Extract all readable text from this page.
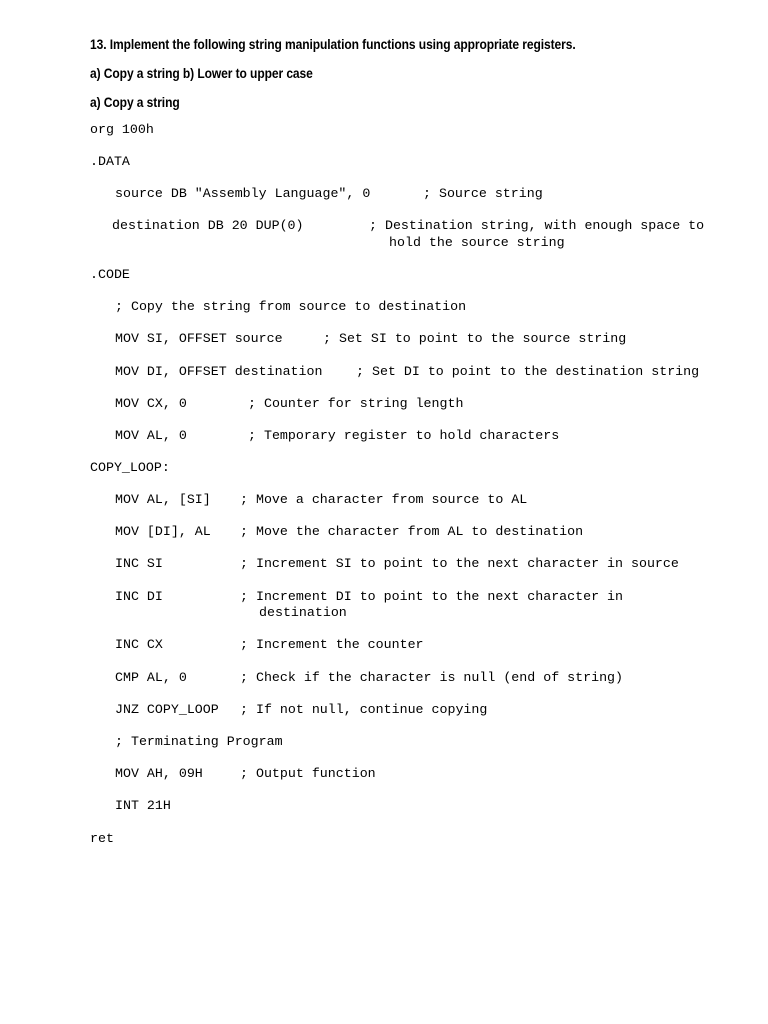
13. Implement the following string manipulation functions using appropriate registers.
a) Copy a string b) Lower to upper case
a) Copy a string
org 100h
.DATA
source DB "Assembly Language", 0	; Source string
destination DB 20 DUP(0)	; Destination string, with enough space to
hold the source string
.CODE
; Copy the string from source to destination
MOV SI, OFFSET source	; Set SI to point to the source string
MOV DI, OFFSET destination	; Set DI to point to the destination string
MOV CX, 0	; Counter for string length
MOV AL, 0	; Temporary register to hold characters
COPY_LOOP:
MOV AL, [SI] ; Move a character from source to AL
MOV [DI], AL ; Move the character from AL to destination
INC SI	; Increment SI to point to the next character in source
INC DI	; Increment DI to point to the next character in
destination
INC CX	; Increment the counter
CMP AL, 0	; Check if the character is null (end of string)
JNZ COPY_LOOP ; If not null, continue copying
; Terminating Program
MOV AH, 09H	; Output function
INT 21H
ret
